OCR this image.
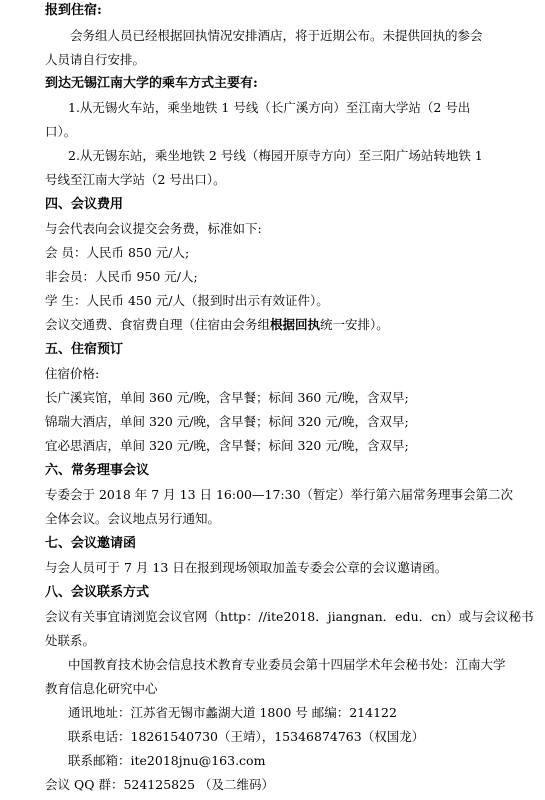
报到住宿:
会务组人员已经根据回执情况安排酒店，将于近期公布。未提供回执的参会
人员请自行安排。
到达无锡江南大学的乘车方式主要有:
1.从无锡火车站，乘坐地铁 1 号线（长广溪方向）至江南大学站（2 号出
口）。
2.从无锡东站，乘坐地铁 2 号线（梅园开原寺方向）至三阳广场站转地铁 1
号线至江南大学站（2 号出口）。
四、会议费用
与会代表向会议提交会务费，标准如下:
会 员：人民币 850 元/人;
非会员：人民币 950 元/人;
学 生：人民币 450 元/人（报到时出示有效证件）。
会议交通费、食宿费自理（住宿由会务组根据回执统一安排）。
五、住宿预订
住宿价格:
长广溪宾馆，单间 360 元/晚，含早餐；标间 360 元/晚，含双早;
锦瑞大酒店，单间 320 元/晚，含早餐；标间 320 元/晚，含双早;
宜必思酒店，单间 320 元/晚，含早餐；标间 320 元/晚，含双早;
六、常务理事会议
专委会于 2018 年 7 月 13 日 16:00—17:30（暂定）举行第六届常务理事会第二次
全体会议。会议地点另行通知。
七、会议邀请函
与会人员可于 7 月 13 日在报到现场领取加盖专委会公章的会议邀请函。
八、会议联系方式
会议有关事宜请浏览会议官网（http：//ite2018．jiangnan．edu．cn）或与会议秘书
处联系。
中国教育技术协会信息技术教育专业委员会第十四届学术年会秘书处：江南大学
教育信息化研究中心
通讯地址：江苏省无锡市蠡湖大道 1800 号 邮编：214122
联系电话：18261540730（王靖），15346874763（权国龙）
联系邮箱：ite2018jnu@163.com
会议 QQ 群：524125825 （及二维码）
